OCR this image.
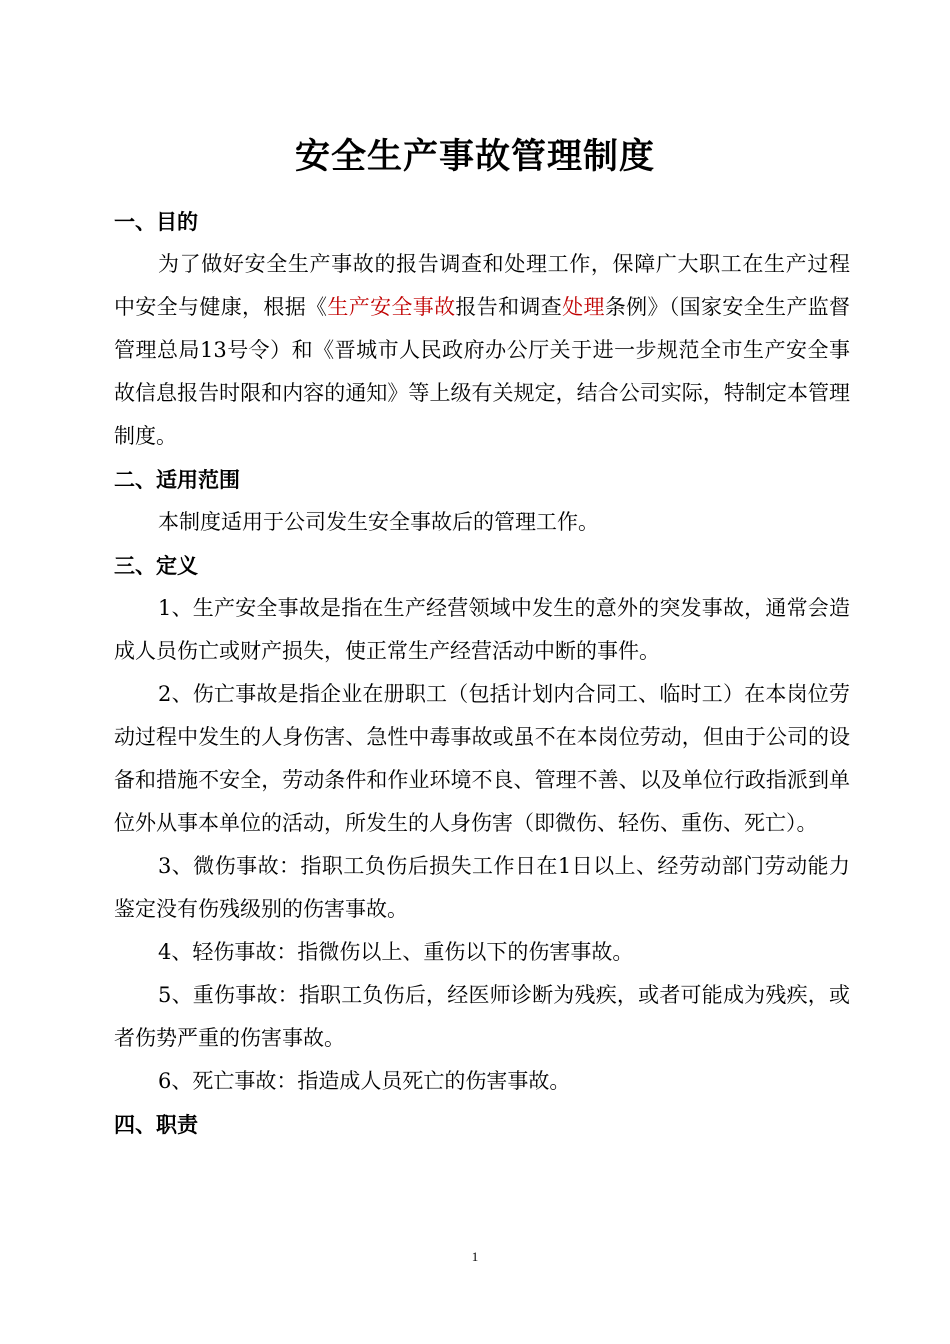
安全生产事故管理制度

一、目的

为了做好安全生产事故的报告调查和处理工作，保障广大职工在生产过程中安全与健康，根据《生产安全事故报告和调查处理条例》（国家安全生产监督管理总局13号令）和《晋城市人民政府办公厅关于进一步规范全市生产安全事故信息报告时限和内容的通知》等上级有关规定，结合公司实际，特制定本管理制度。

二、适用范围

本制度适用于公司发生安全事故后的管理工作。

三、定义

1、生产安全事故是指在生产经营领域中发生的意外的突发事故，通常会造成人员伤亡或财产损失，使正常生产经营活动中断的事件。

2、伤亡事故是指企业在册职工（包括计划内合同工、临时工）在本岗位劳动过程中发生的人身伤害、急性中毒事故或虽不在本岗位劳动，但由于公司的设备和措施不安全，劳动条件和作业环境不良、管理不善、以及单位行政指派到单位外从事本单位的活动，所发生的人身伤害（即微伤、轻伤、重伤、死亡）。

3、微伤事故：指职工负伤后损失工作日在1日以上、经劳动部门劳动能力鉴定没有伤残级别的伤害事故。

4、轻伤事故：指微伤以上、重伤以下的伤害事故。

5、重伤事故：指职工负伤后，经医师诊断为残疾，或者可能成为残疾，或者伤势严重的伤害事故。

6、死亡事故：指造成人员死亡的伤害事故。

四、职责

1
